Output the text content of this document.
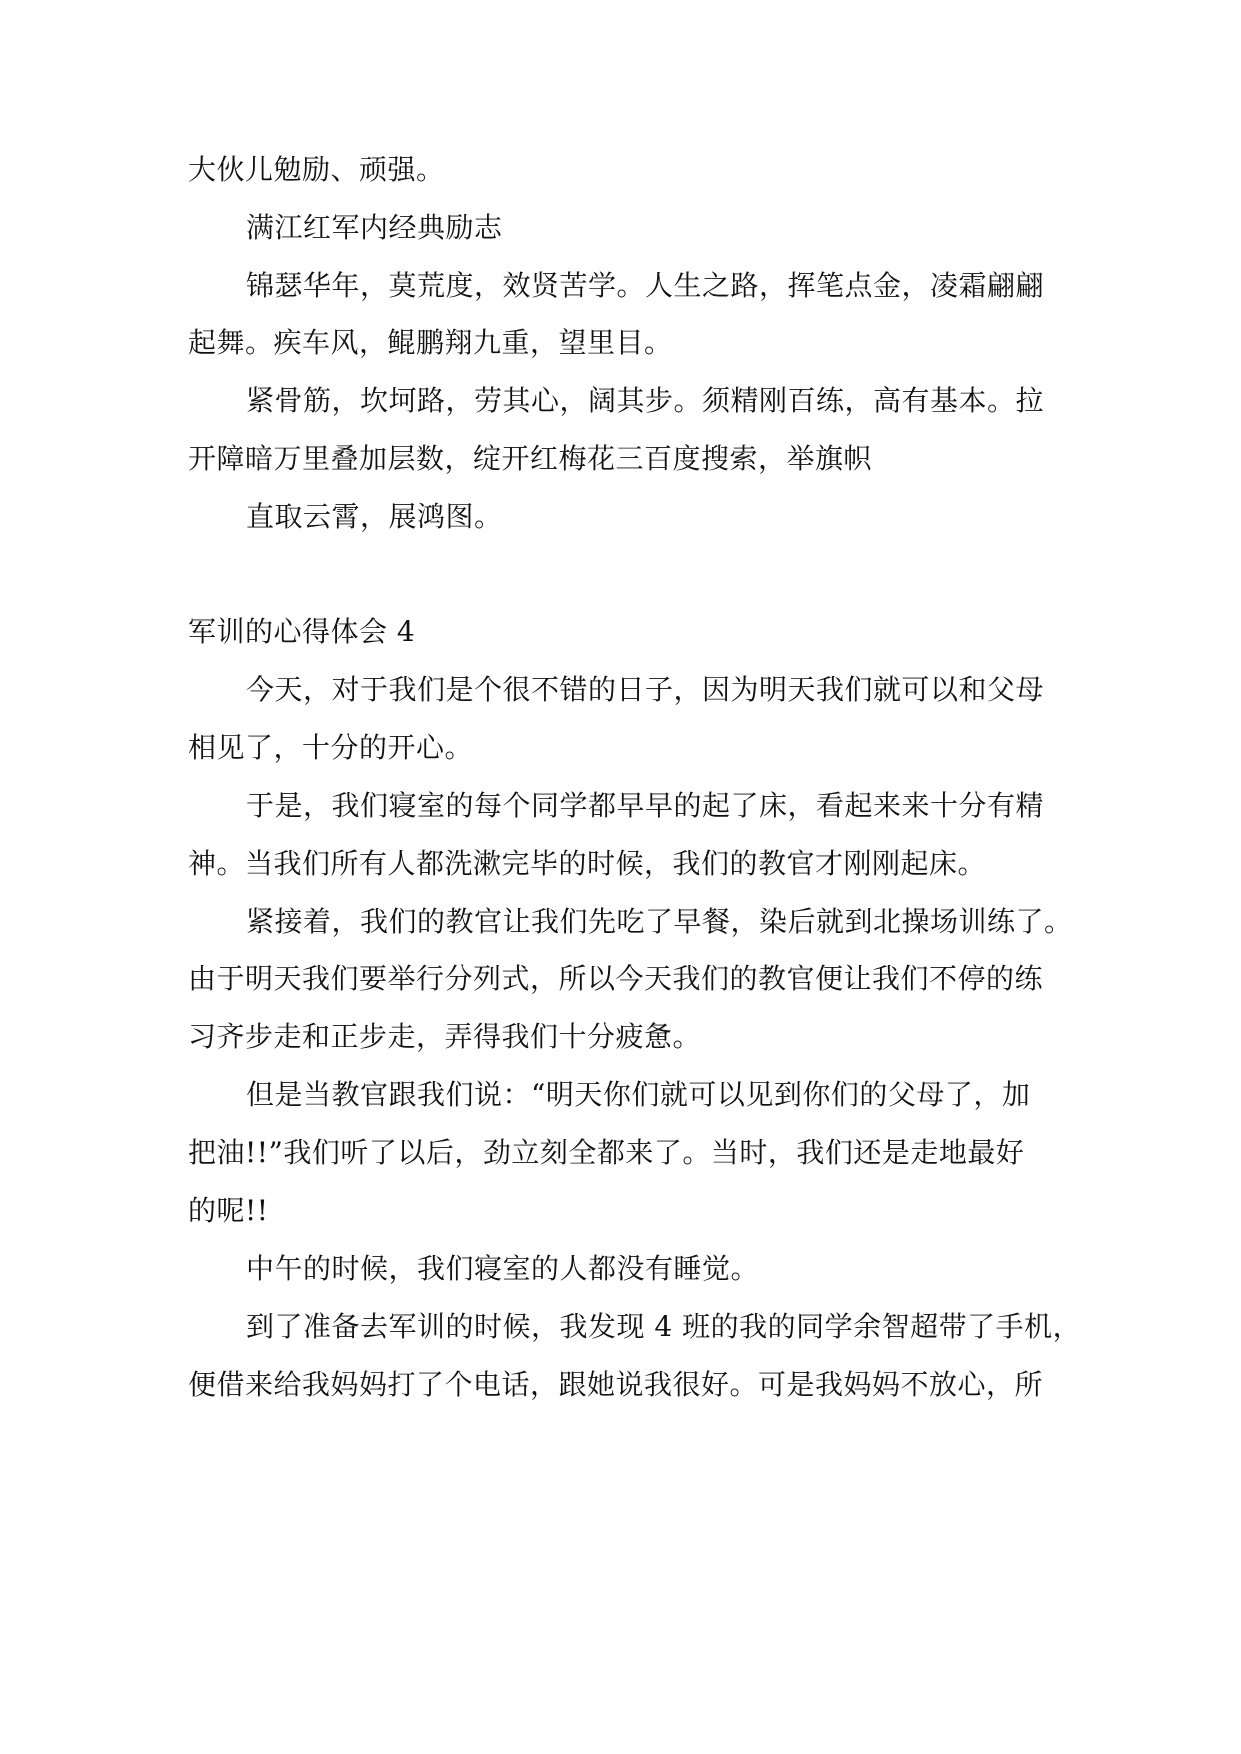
大伙儿勉励、顽强。
满江红军内经典励志
锦瑟华年，莫荒度，效贤苦学。人生之路，挥笔点金，凌霜翩翩
起舞。疾车风，鲲鹏翔九重，望里目。
紧骨筋，坎坷路，劳其心，阔其步。须精刚百练，高有基本。拉
开障暗万里叠加层数，绽开红梅花三百度搜索，举旗帜
直取云霄，展鸿图。
军训的心得体会 4
今天，对于我们是个很不错的日子，因为明天我们就可以和父母
相见了，十分的开心。
于是，我们寝室的每个同学都早早的起了床，看起来来十分有精
神。当我们所有人都洗漱完毕的时候，我们的教官才刚刚起床。
紧接着，我们的教官让我们先吃了早餐，染后就到北操场训练了。
由于明天我们要举行分列式，所以今天我们的教官便让我们不停的练
习齐步走和正步走，弄得我们十分疲惫。
但是当教官跟我们说：“明天你们就可以见到你们的父母了，加
把油!!”我们听了以后，劲立刻全都来了。当时，我们还是走地最好
的呢!!
中午的时候，我们寝室的人都没有睡觉。
到了准备去军训的时候，我发现 4 班的我的同学余智超带了手机，
便借来给我妈妈打了个电话，跟她说我很好。可是我妈妈不放心，所
